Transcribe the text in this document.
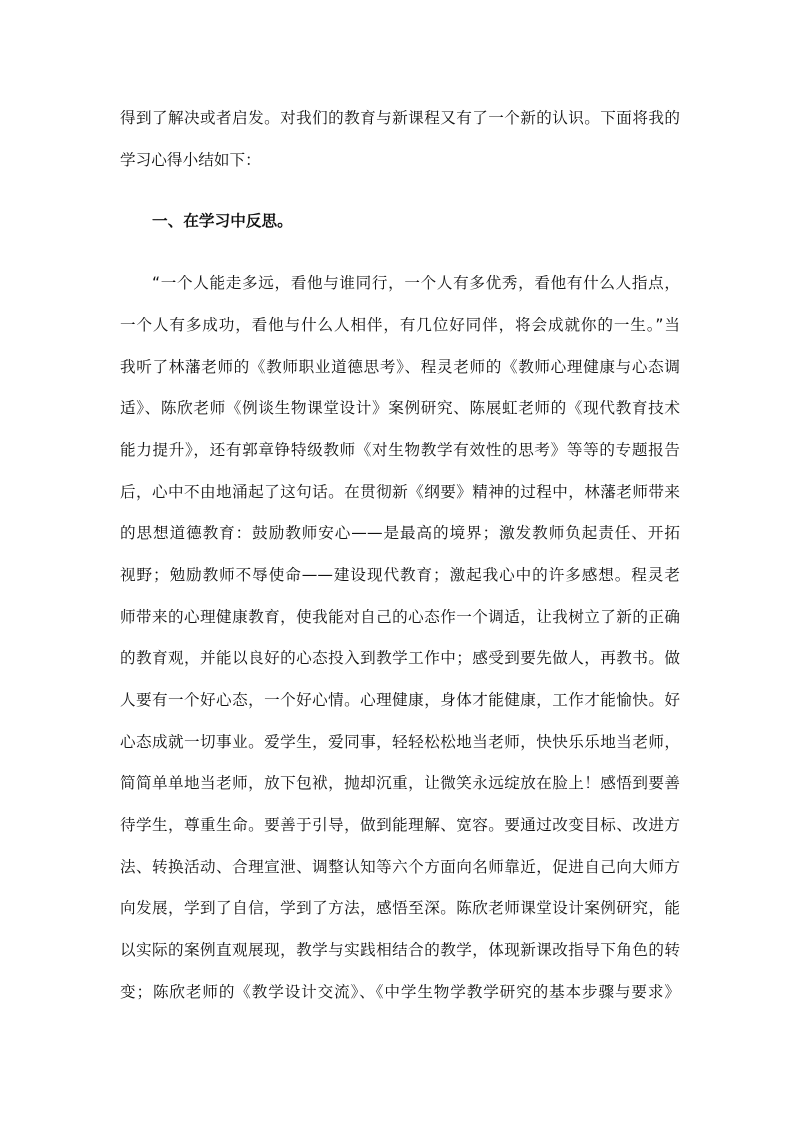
得到了解决或者启发。对我们的教育与新课程又有了一个新的认识。下面将我的
学习心得小结如下：
一、在学习中反思。
“一个人能走多远，看他与谁同行，一个人有多优秀，看他有什么人指点，
一个人有多成功，看他与什么人相伴，有几位好同伴，将会成就你的一生。”当
我听了林藩老师的《教师职业道德思考》、程灵老师的《教师心理健康与心态调
适》、陈欣老师《例谈生物课堂设计》案例研究、陈展虹老师的《现代教育技术
能力提升》，还有郭章铮特级教师《对生物教学有效性的思考》等等的专题报告
后，心中不由地涌起了这句话。在贯彻新《纲要》精神的过程中，林藩老师带来
的思想道德教育：鼓励教师安心——是最高的境界；激发教师负起责任、开拓
视野；勉励教师不辱使命——建设现代教育；激起我心中的许多感想。程灵老
师带来的心理健康教育，使我能对自己的心态作一个调适，让我树立了新的正确
的教育观，并能以良好的心态投入到教学工作中；感受到要先做人，再教书。做
人要有一个好心态，一个好心情。心理健康，身体才能健康，工作才能愉快。好
心态成就一切事业。爱学生，爱同事，轻轻松松地当老师，快快乐乐地当老师，
简简单单地当老师，放下包袱，抛却沉重，让微笑永远绽放在脸上！感悟到要善
待学生，尊重生命。要善于引导，做到能理解、宽容。要通过改变目标、改进方
法、转换活动、合理宣泄、调整认知等六个方面向名师靠近，促进自己向大师方
向发展，学到了自信，学到了方法，感悟至深。陈欣老师课堂设计案例研究，能
以实际的案例直观展现，教学与实践相结合的教学，体现新课改指导下角色的转
变；陈欣老师的《教学设计交流》、《中学生物学教学研究的基本步骤与要求》
